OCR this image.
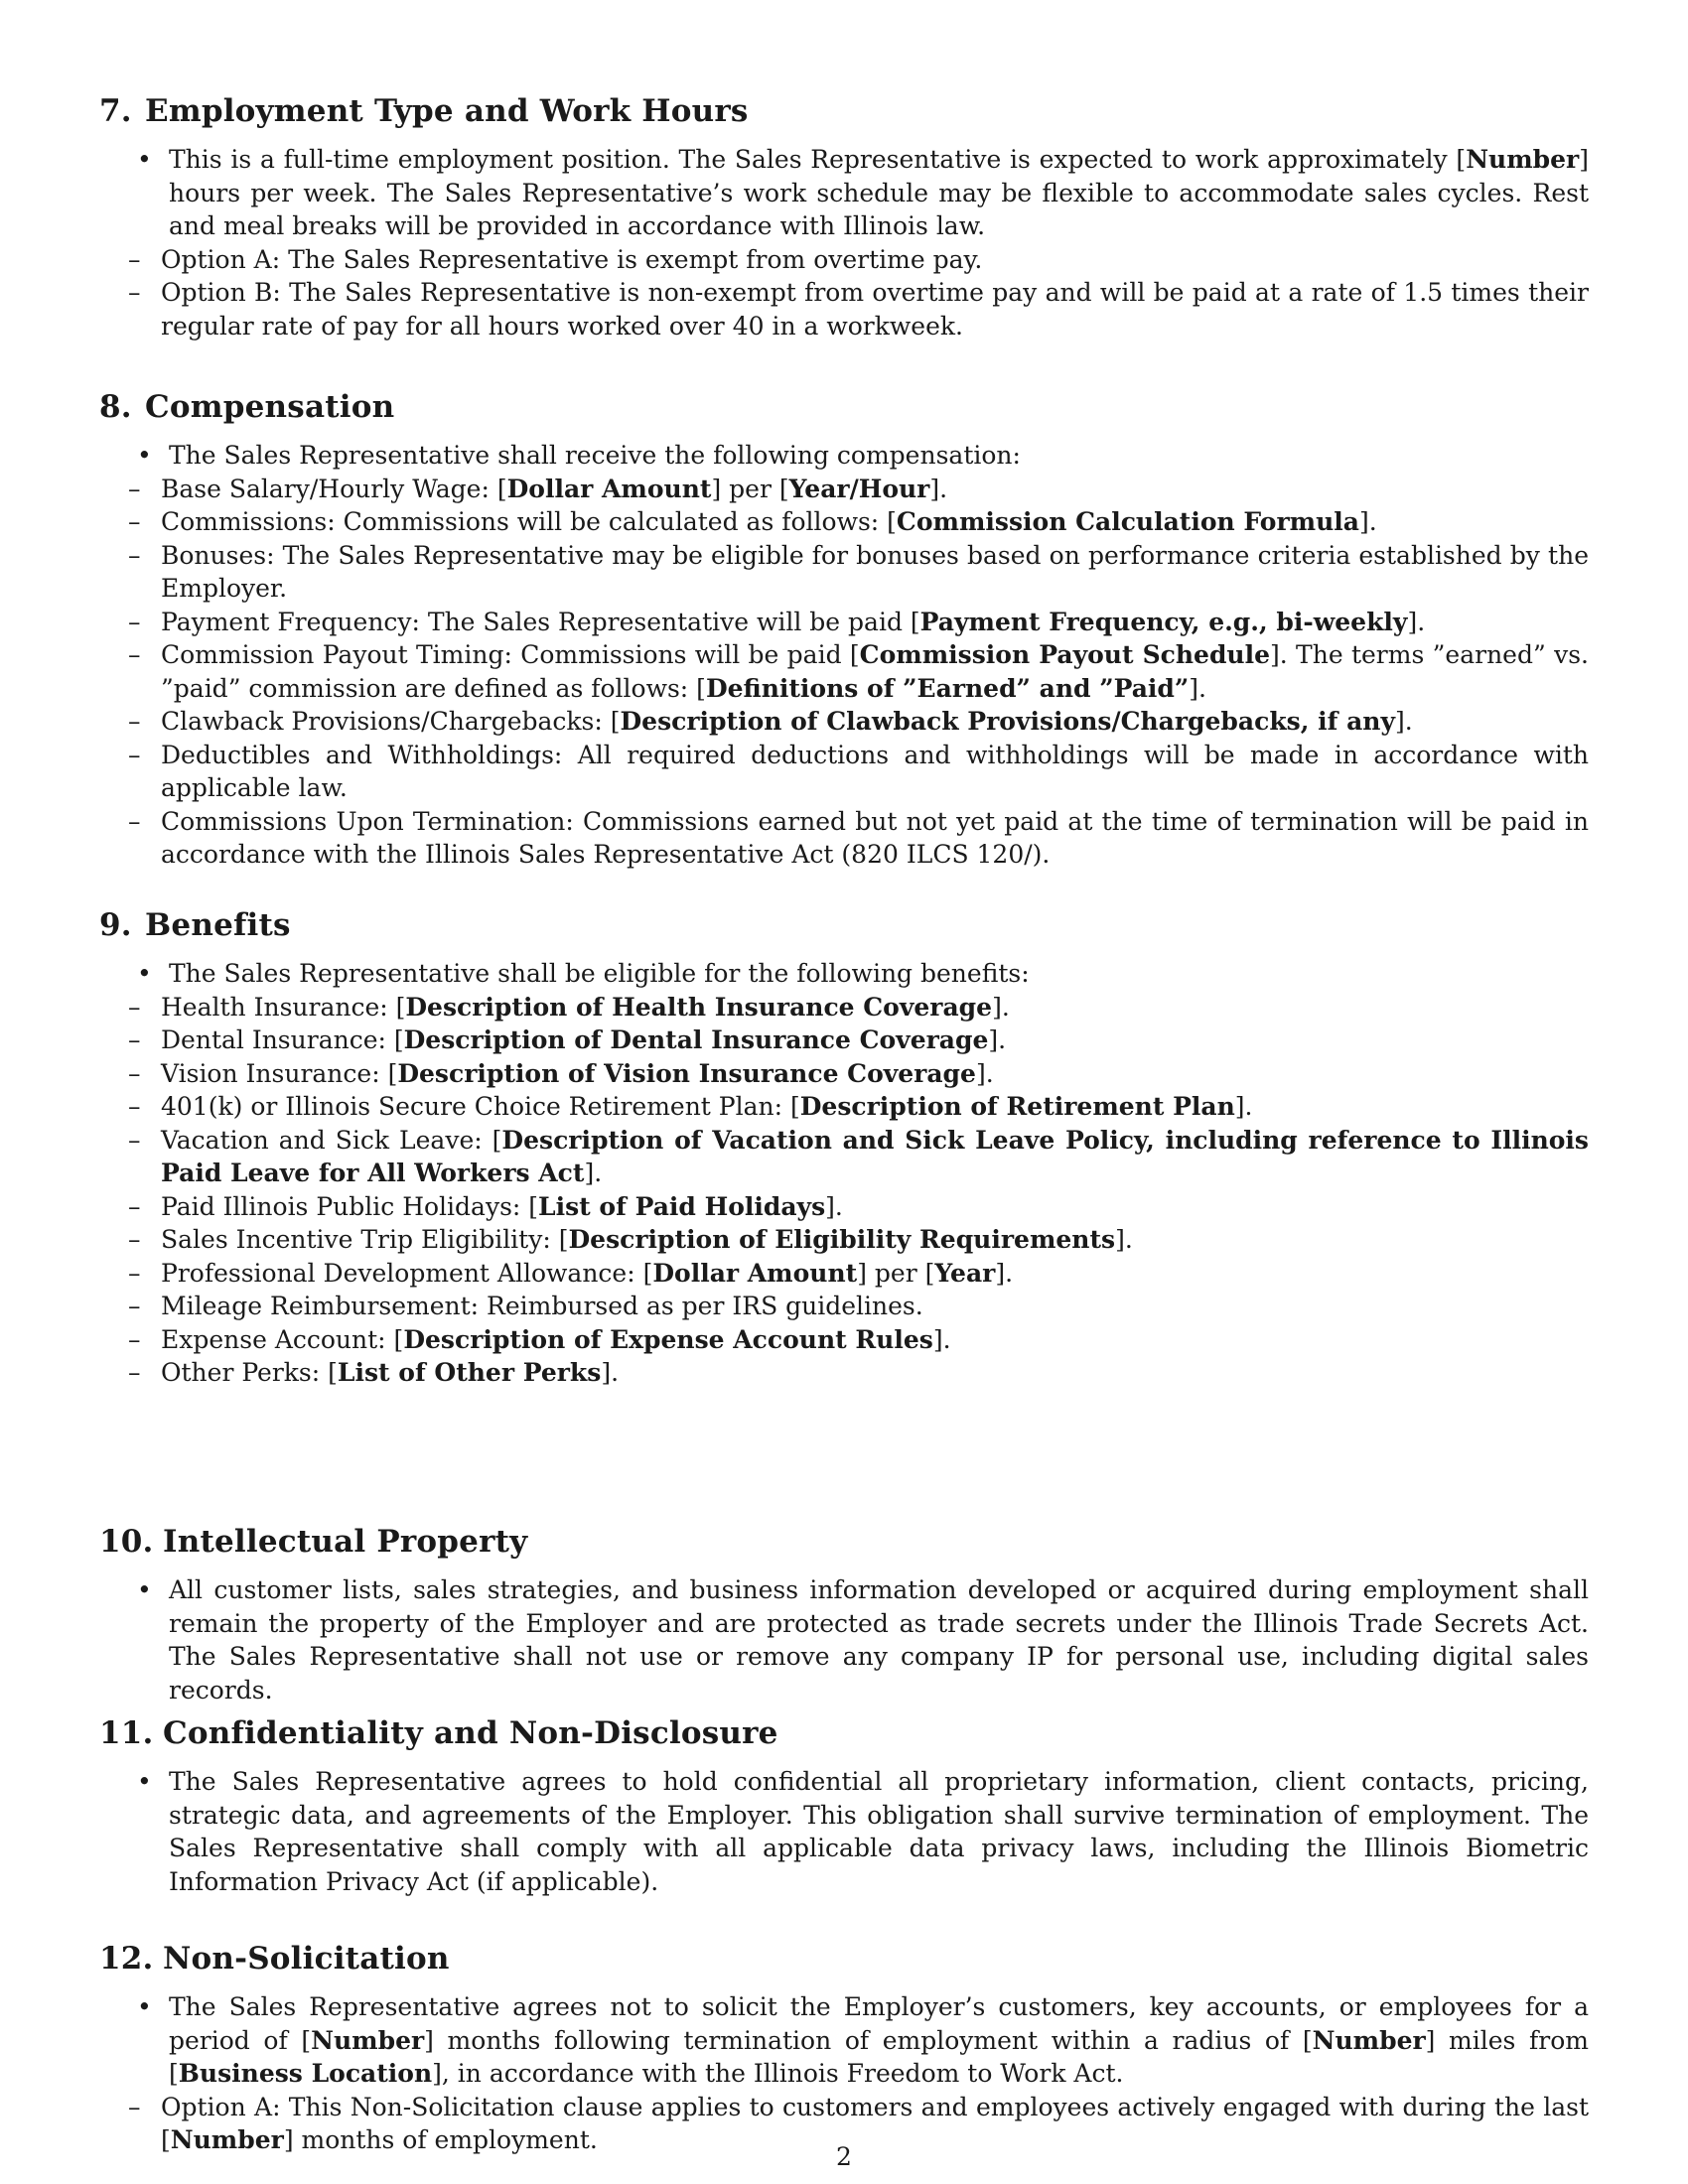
7. Employment Type and Work Hours
• This is a full-time employment position. The Sales Representative is expected to work approximately [Number] hours per week. The Sales Representative’s work schedule may be flexible to accommodate sales cycles. Rest and meal breaks will be provided in accordance with Illinois law.
– Option A: The Sales Representative is exempt from overtime pay.
– Option B: The Sales Representative is non-exempt from overtime pay and will be paid at a rate of 1.5 times their regular rate of pay for all hours worked over 40 in a workweek.
8. Compensation
• The Sales Representative shall receive the following compensation:
– Base Salary/Hourly Wage: [Dollar Amount] per [Year/Hour].
– Commissions: Commissions will be calculated as follows: [Commission Calculation Formula].
– Bonuses: The Sales Representative may be eligible for bonuses based on performance criteria established by the Employer.
– Payment Frequency: The Sales Representative will be paid [Payment Frequency, e.g., bi-weekly].
– Commission Payout Timing: Commissions will be paid [Commission Payout Schedule]. The terms ”earned” vs. ”paid” commission are defined as follows: [Definitions of ”Earned” and ”Paid”].
– Clawback Provisions/Chargebacks: [Description of Clawback Provisions/Chargebacks, if any].
– Deductibles and Withholdings: All required deductions and withholdings will be made in accordance with applicable law.
– Commissions Upon Termination: Commissions earned but not yet paid at the time of termination will be paid in accordance with the Illinois Sales Representative Act (820 ILCS 120/).
9. Benefits
• The Sales Representative shall be eligible for the following benefits:
– Health Insurance: [Description of Health Insurance Coverage].
– Dental Insurance: [Description of Dental Insurance Coverage].
– Vision Insurance: [Description of Vision Insurance Coverage].
– 401(k) or Illinois Secure Choice Retirement Plan: [Description of Retirement Plan].
– Vacation and Sick Leave: [Description of Vacation and Sick Leave Policy, including reference to Illinois Paid Leave for All Workers Act].
– Paid Illinois Public Holidays: [List of Paid Holidays].
– Sales Incentive Trip Eligibility: [Description of Eligibility Requirements].
– Professional Development Allowance: [Dollar Amount] per [Year].
– Mileage Reimbursement: Reimbursed as per IRS guidelines.
– Expense Account: [Description of Expense Account Rules].
– Other Perks: [List of Other Perks].
10. Intellectual Property
• All customer lists, sales strategies, and business information developed or acquired during employment shall remain the property of the Employer and are protected as trade secrets under the Illinois Trade Secrets Act. The Sales Representative shall not use or remove any company IP for personal use, including digital sales records.
11. Confidentiality and Non-Disclosure
• The Sales Representative agrees to hold confidential all proprietary information, client contacts, pricing, strategic data, and agreements of the Employer. This obligation shall survive termination of employment. The Sales Representative shall comply with all applicable data privacy laws, including the Illinois Biometric Information Privacy Act (if applicable).
12. Non-Solicitation
• The Sales Representative agrees not to solicit the Employer’s customers, key accounts, or employees for a period of [Number] months following termination of employment within a radius of [Number] miles from [Business Location], in accordance with the Illinois Freedom to Work Act.
– Option A: This Non-Solicitation clause applies to customers and employees actively engaged with during the last [Number] months of employment.
2
